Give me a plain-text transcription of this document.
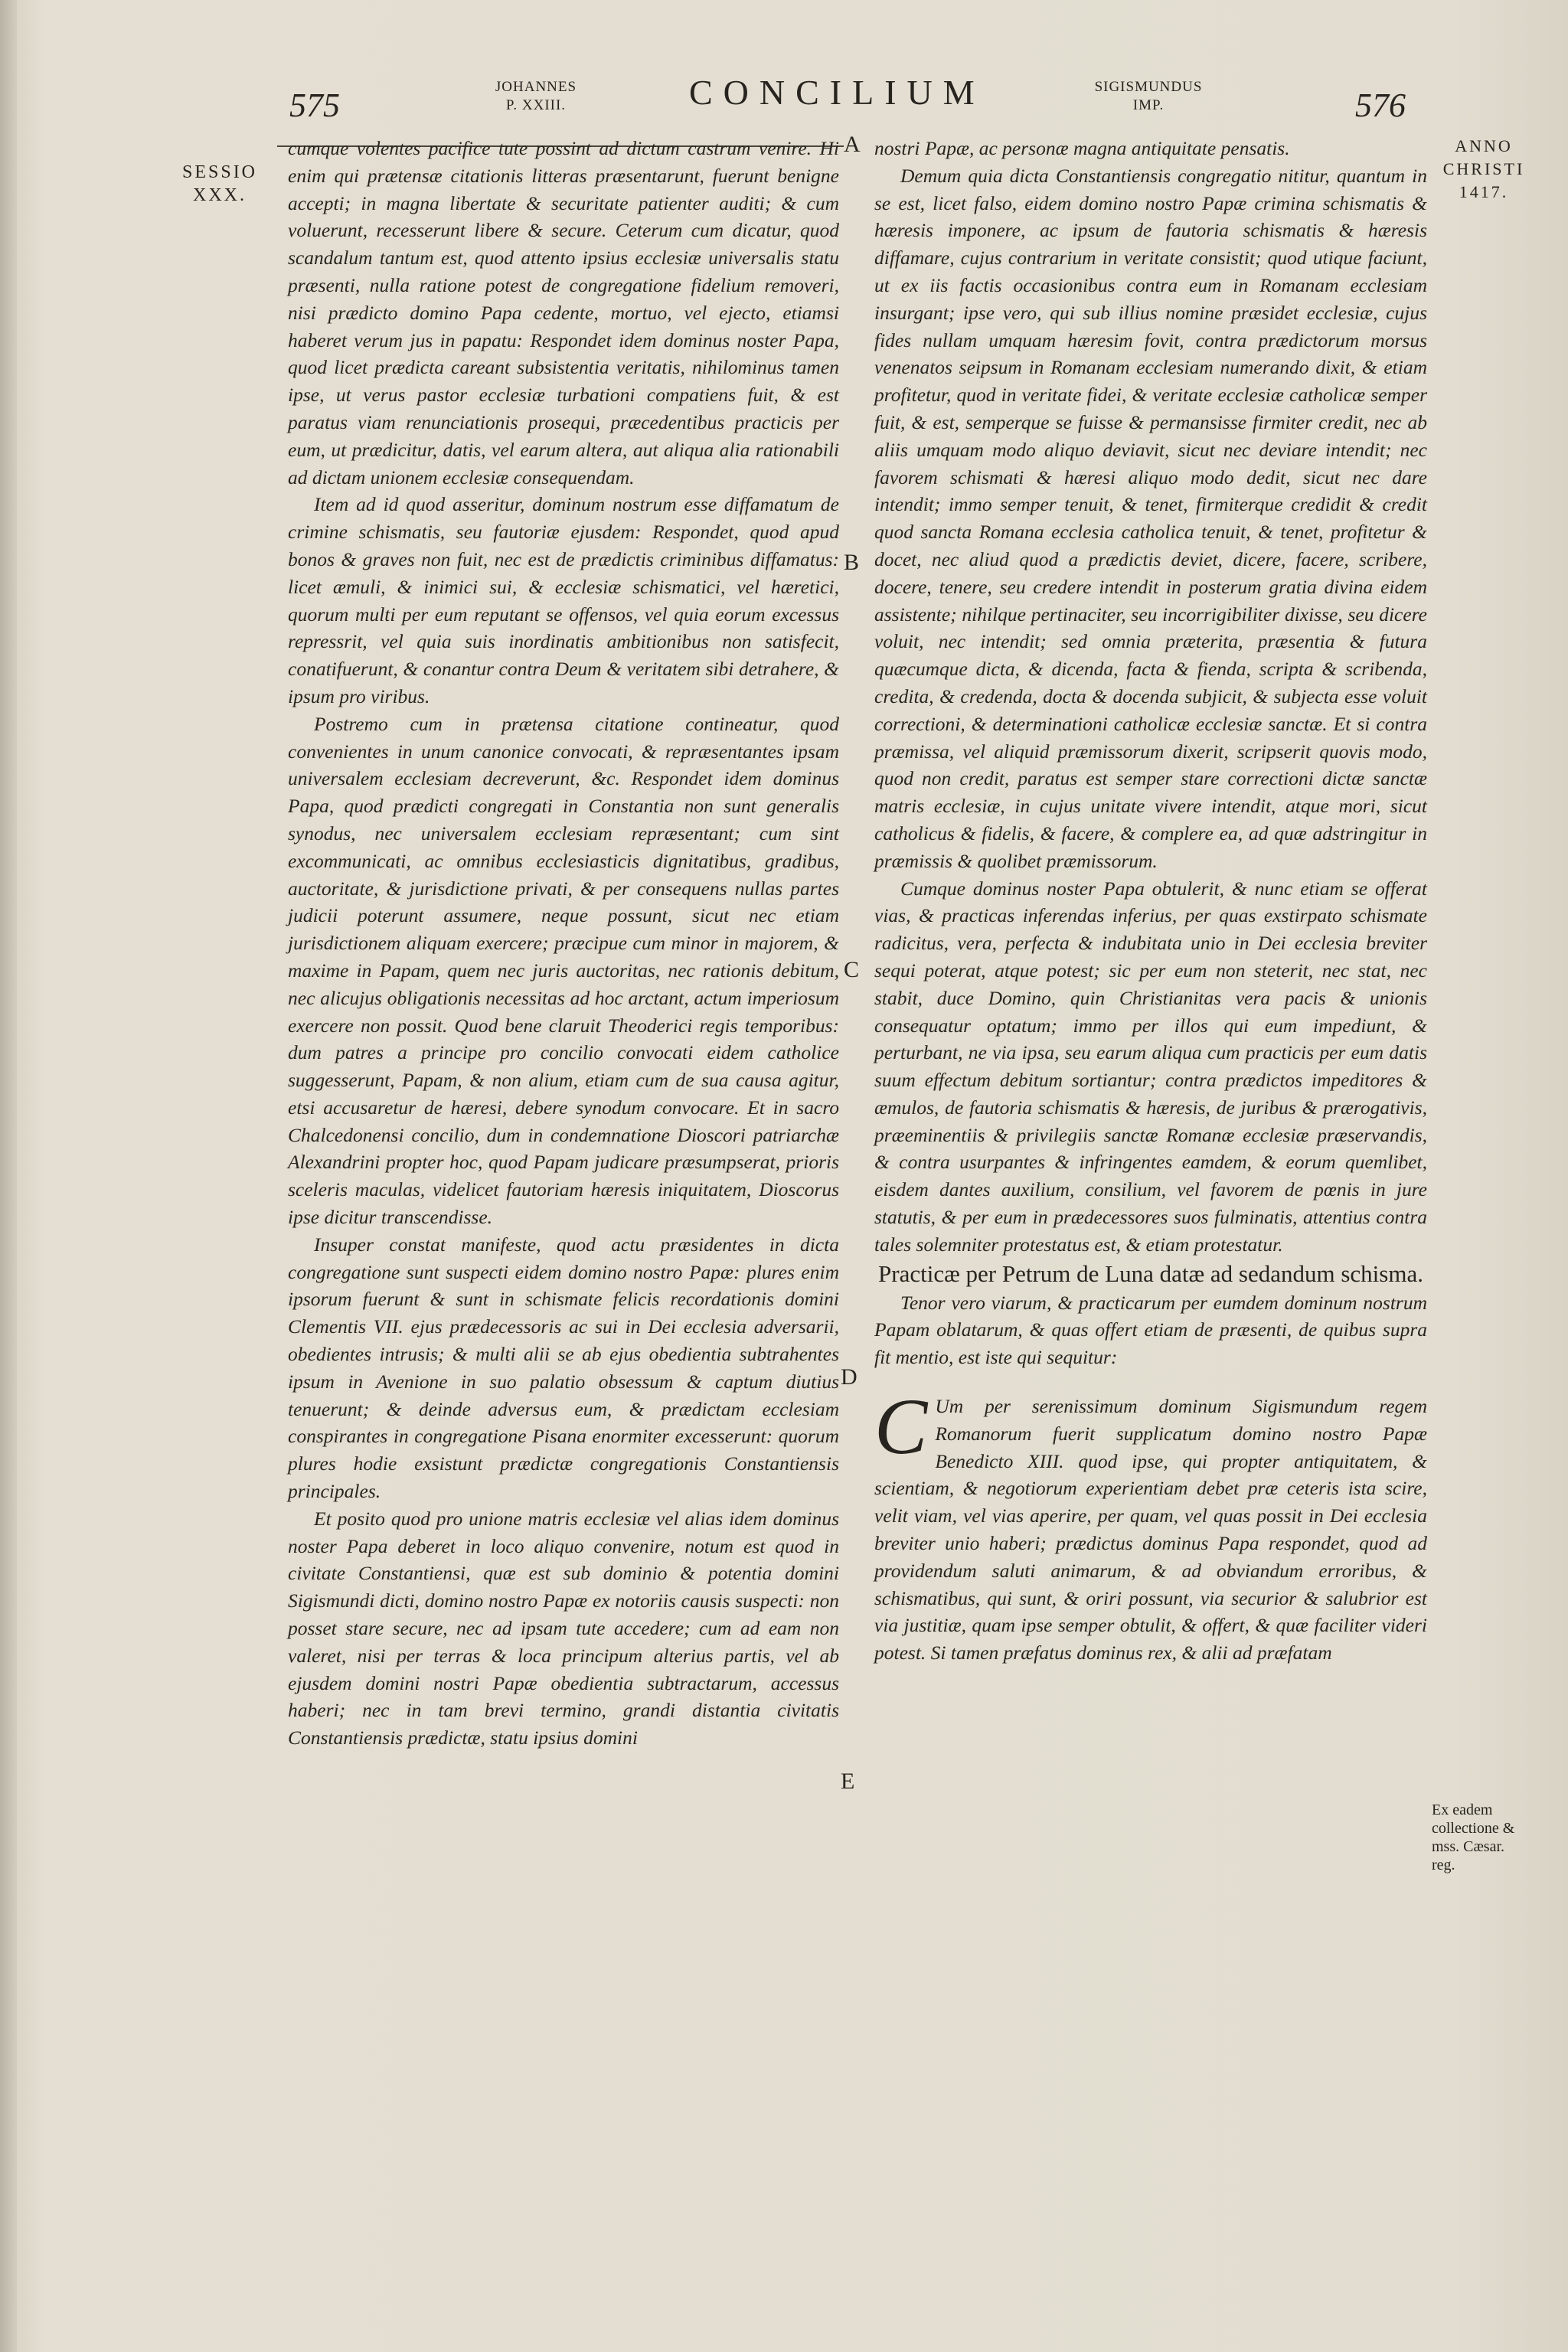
575	JOHANNES
P. XXIII.	CONCILIUM	SIGISMUNDUS
IMP.	576
SESSIO
XXX.
ANNO
CHRISTI
1417.
Ex eadem collectione & mss. Cæsar. reg.
A
B
C
D
E

cumque volentes pacifice tute possint ad dictum castrum venire. Hi enim qui prætensæ citationis litteras præsentarunt, fuerunt benigne accepti; in magna libertate & securitate patienter auditi; & cum voluerunt, recesserunt libere & secure. Ceterum cum dicatur, quod scandalum tantum est, quod attento ipsius ecclesiæ universalis statu præsenti, nulla ratione potest de congregatione fidelium removeri, nisi prædicto domino Papa cedente, mortuo, vel ejecto, etiamsi haberet verum jus in papatu: Respondet idem dominus noster Papa, quod licet prædicta careant subsistentia veritatis, nihilominus tamen ipse, ut verus pastor ecclesiæ turbationi compatiens fuit, & est paratus viam renunciationis prosequi, præcedentibus practicis per eum, ut prædicitur, datis, vel earum altera, aut aliqua alia rationabili ad dictam unionem ecclesiæ consequendam.

Item ad id quod asseritur, dominum nostrum esse diffamatum de crimine schismatis, seu fautoriæ ejusdem: Respondet, quod apud bonos & graves non fuit, nec est de prædictis criminibus diffamatus: licet æmuli, & inimici sui, & ecclesiæ schismatici, vel hæretici, quorum multi per eum reputant se offensos, vel quia eorum excessus repressrit, vel quia suis inordinatis ambitionibus non satisfecit, conatifuerunt, & conantur contra Deum & veritatem sibi detrahere, & ipsum pro viribus.

Postremo cum in prætensa citatione contineatur, quod convenientes in unum canonice convocati, & repræsentantes ipsam universalem ecclesiam decreverunt, &c. Respondet idem dominus Papa, quod prædicti congregati in Constantia non sunt generalis synodus, nec universalem ecclesiam repræsentant; cum sint excommunicati, ac omnibus ecclesiasticis dignitatibus, gradibus, auctoritate, & jurisdictione privati, & per consequens nullas partes judicii poterunt assumere, neque possunt, sicut nec etiam jurisdictionem aliquam exercere; præcipue cum minor in majorem, & maxime in Papam, quem nec juris auctoritas, nec rationis debitum, nec alicujus obligationis necessitas ad hoc arctant, actum imperiosum exercere non possit. Quod bene claruit Theoderici regis temporibus: dum patres a principe pro concilio convocati eidem catholice suggesserunt, Papam, & non alium, etiam cum de sua causa agitur, etsi accusaretur de hæresi, debere synodum convocare. Et in sacro Chalcedonensi concilio, dum in condemnatione Dioscori patriarchæ Alexandrini propter hoc, quod Papam judicare præsumpserat, prioris sceleris maculas, videlicet fautoriam hæresis iniquitatem, Dioscorus ipse dicitur transcendisse.

Insuper constat manifeste, quod actu præsidentes in dicta congregatione sunt suspecti eidem domino nostro Papæ: plures enim ipsorum fuerunt & sunt in schismate felicis recordationis domini Clementis VII. ejus prædecessoris ac sui in Dei ecclesia adversarii, obedientes intrusis; & multi alii se ab ejus obedientia subtrahentes ipsum in Avenione in suo palatio obsessum & captum diutius tenuerunt; & deinde adversus eum, & prædictam ecclesiam conspirantes in congregatione Pisana enormiter excesserunt: quorum plures hodie exsistunt prædictæ congregationis Constantiensis principales.

Et posito quod pro unione matris ecclesiæ vel alias idem dominus noster Papa deberet in loco aliquo convenire, notum est quod in civitate Constantiensi, quæ est sub dominio & potentia domini Sigismundi dicti, domino nostro Papæ ex notoriis causis suspecti: non posset stare secure, nec ad ipsam tute accedere; cum ad eam non valeret, nisi per terras & loca principum alterius partis, vel ab ejusdem domini nostri Papæ obedientia subtractarum, accessus haberi; nec in tam brevi termino, grandi distantia civitatis Constantiensis prædictæ, statu ipsius domini

nostri Papæ, ac personæ magna antiquitate pensatis.

Demum quia dicta Constantiensis congregatio nititur, quantum in se est, licet falso, eidem domino nostro Papæ crimina schismatis & hæresis imponere, ac ipsum de fautoria schismatis & hæresis diffamare, cujus contrarium in veritate consistit; quod utique faciunt, ut ex iis factis occasionibus contra eum in Romanam ecclesiam insurgant; ipse vero, qui sub illius nomine præsidet ecclesiæ, cujus fides nullam umquam hæresim fovit, contra prædictorum morsus venenatos seipsum in Romanam ecclesiam numerando dixit, & etiam profitetur, quod in veritate fidei, & veritate ecclesiæ catholicæ semper fuit, & est, semperque se fuisse & permansisse firmiter credit, nec ab aliis umquam modo aliquo deviavit, sicut nec deviare intendit; nec favorem schismati & hæresi aliquo modo dedit, sicut nec dare intendit; immo semper tenuit, & tenet, firmiterque credidit & credit quod sancta Romana ecclesia catholica tenuit, & tenet, profitetur & docet, nec aliud quod a prædictis deviet, dicere, facere, scribere, docere, tenere, seu credere intendit in posterum gratia divina eidem assistente; nihilque pertinaciter, seu incorrigibiliter dixisse, seu dicere voluit, nec intendit; sed omnia præterita, præsentia & futura quæcumque dicta, & dicenda, facta & fienda, scripta & scribenda, credita, & credenda, docta & docenda subjicit, & subjecta esse voluit correctioni, & determinationi catholicæ ecclesiæ sanctæ. Et si contra præmissa, vel aliquid præmissorum dixerit, scripserit quovis modo, quod non credit, paratus est semper stare correctioni dictæ sanctæ matris ecclesiæ, in cujus unitate vivere intendit, atque mori, sicut catholicus & fidelis, & facere, & complere ea, ad quæ adstringitur in præmissis & quolibet præmissorum.

Cumque dominus noster Papa obtulerit, & nunc etiam se offerat vias, & practicas inferendas inferius, per quas exstirpato schismate radicitus, vera, perfecta & indubitata unio in Dei ecclesia breviter sequi poterat, atque potest; sic per eum non steterit, nec stat, nec stabit, duce Domino, quin Christianitas vera pacis & unionis consequatur optatum; immo per illos qui eum impediunt, & perturbant, ne via ipsa, seu earum aliqua cum practicis per eum datis suum effectum debitum sortiantur; contra prædictos impeditores & æmulos, de fautoria schismatis & hæresis, de juribus & prærogativis, præeminentiis & privilegiis sanctæ Romanæ ecclesiæ præservandis, & contra usurpantes & infringentes eamdem, & eorum quemlibet, eisdem dantes auxilium, consilium, vel favorem de pœnis in jure statutis, & per eum in prædecessores suos fulminatis, attentius contra tales solemniter protestatus est, & etiam protestatur.

Practicæ per Petrum de Luna datæ ad sedandum schisma.

Tenor vero viarum, & practicarum per eumdem dominum nostrum Papam oblatarum, & quas offert etiam de præsenti, de quibus supra fit mentio, est iste qui sequitur:

C Um per serenissimum dominum Sigismundum regem Romanorum fuerit supplicatum domino nostro Papæ Benedicto XIII. quod ipse, qui propter antiquitatem, & scientiam, & negotiorum experientiam debet præ ceteris ista scire, velit viam, vel vias aperire, per quam, vel quas possit in Dei ecclesia breviter unio haberi; prædictus dominus Papa respondet, quod ad providendum saluti animarum, & ad obviandum erroribus, & schismatibus, qui sunt, & oriri possunt, via securior & salubrior est via justitiæ, quam ipse semper obtulit, & offert, & quæ faciliter videri potest. Si tamen præfatus dominus rex, & alii ad præfatam
